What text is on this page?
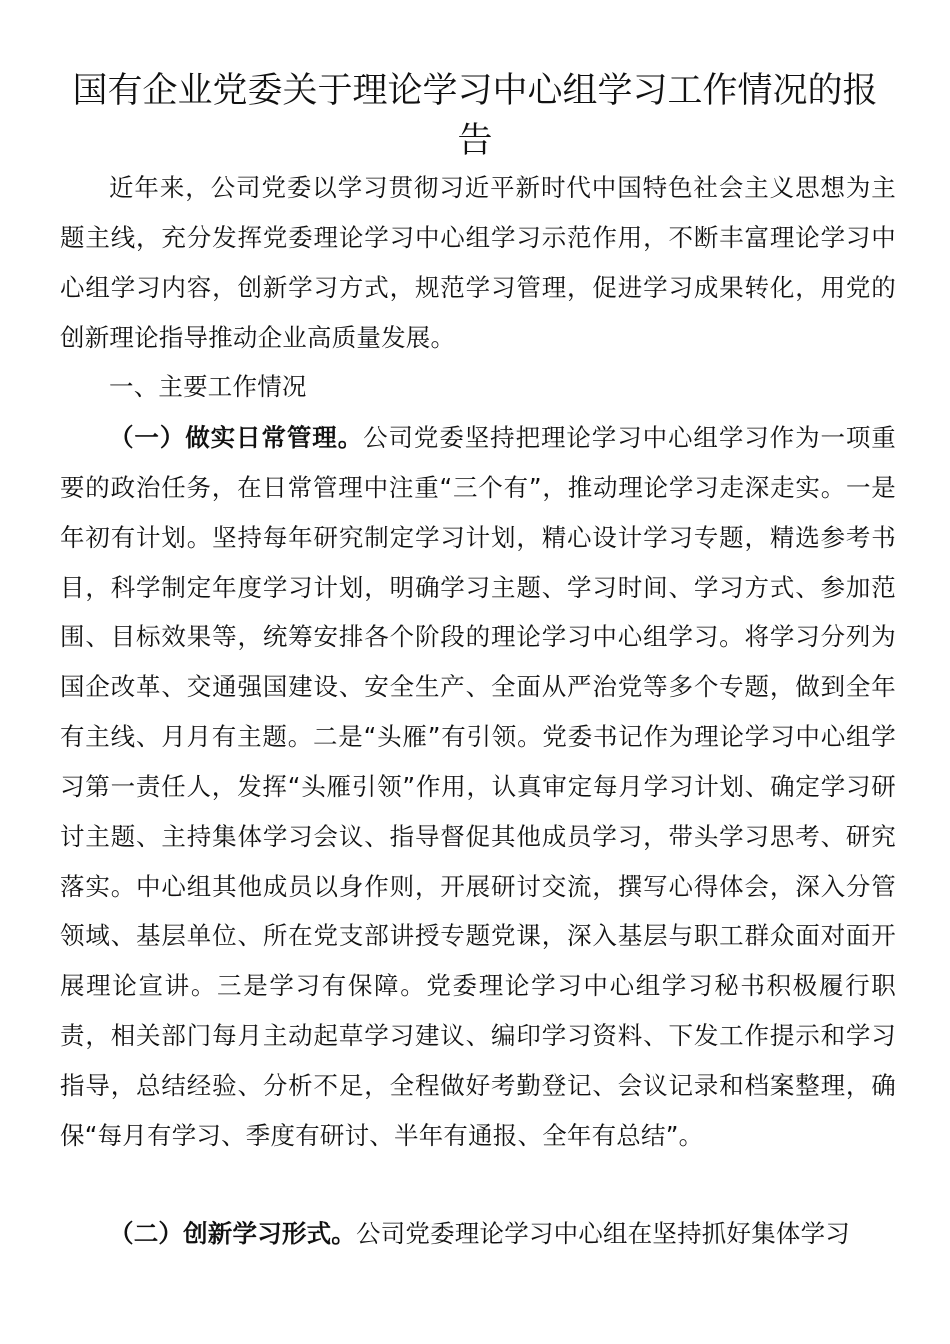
国有企业党委关于理论学习中心组学习工作情况的报告

近年来，公司党委以学习贯彻习近平新时代中国特色社会主义思想为主题主线，充分发挥党委理论学习中心组学习示范作用，不断丰富理论学习中心组学习内容，创新学习方式，规范学习管理，促进学习成果转化，用党的创新理论指导推动企业高质量发展。

一、主要工作情况

（一）做实日常管理。公司党委坚持把理论学习中心组学习作为一项重要的政治任务，在日常管理中注重“三个有”，推动理论学习走深走实。一是年初有计划。坚持每年研究制定学习计划，精心设计学习专题，精选参考书目，科学制定年度学习计划，明确学习主题、学习时间、学习方式、参加范围、目标效果等，统筹安排各个阶段的理论学习中心组学习。将学习分列为国企改革、交通强国建设、安全生产、全面从严治党等多个专题，做到全年有主线、月月有主题。二是“头雁”有引领。党委书记作为理论学习中心组学习第一责任人，发挥“头雁引领”作用，认真审定每月学习计划、确定学习研讨主题、主持集体学习会议、指导督促其他成员学习，带头学习思考、研究落实。中心组其他成员以身作则，开展研讨交流，撰写心得体会，深入分管领域、基层单位、所在党支部讲授专题党课，深入基层与职工群众面对面开展理论宣讲。三是学习有保障。党委理论学习中心组学习秘书积极履行职责，相关部门每月主动起草学习建议、编印学习资料、下发工作提示和学习指导，总结经验、分析不足，全程做好考勤登记、会议记录和档案整理，确保“每月有学习、季度有研讨、半年有通报、全年有总结”。

（二）创新学习形式。公司党委理论学习中心组在坚持抓好集体学习
